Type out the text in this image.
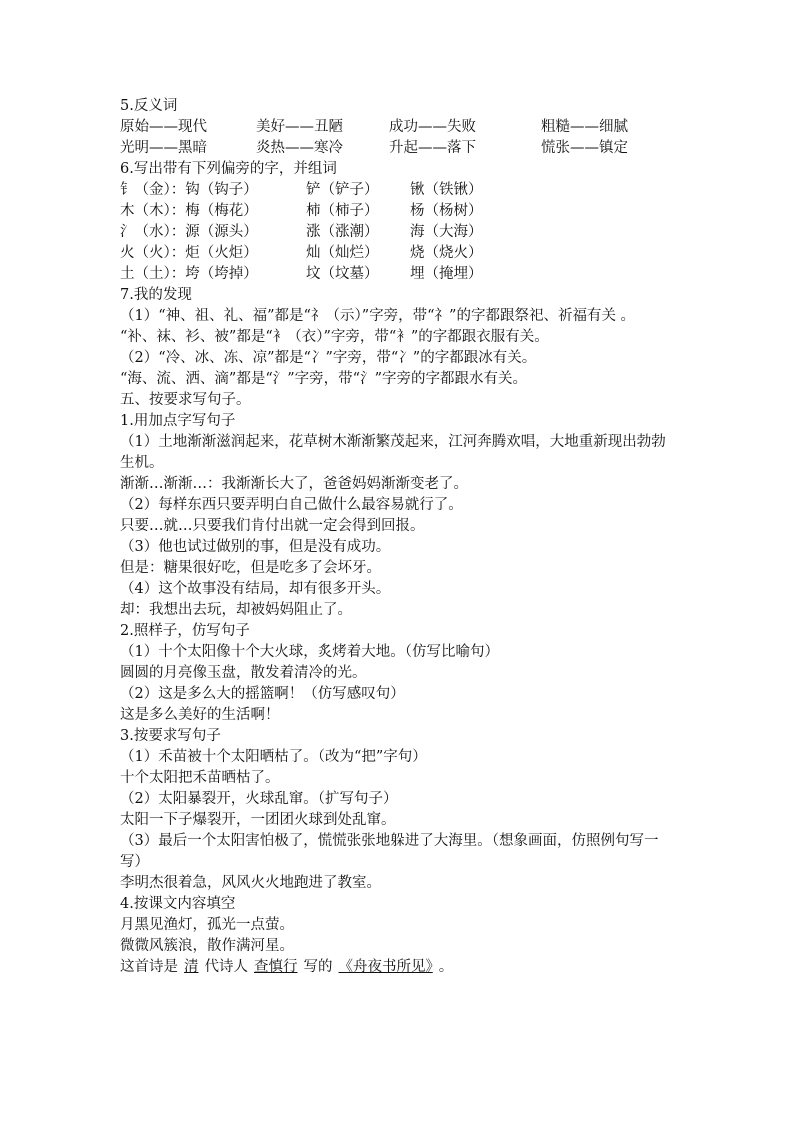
5.反义词
原始——现代	美好——丑陋	成功——失败	粗糙——细腻
光明——黑暗	炎热——寒冷	升起——落下	慌张——镇定
6.写出带有下列偏旁的字，并组词
钅（金）：钩（钩子）	铲（铲子）	锹（铁锹）
木（木）：梅（梅花）	柿（柿子）	杨（杨树）
氵（水）：源（源头）	涨（涨潮）	海（大海）
火（火）：炬（火炬）	灿（灿烂）	烧（烧火）
土（土）：垮（垮掉）	坟（坟墓）	埋（掩埋）
7.我的发现
（1）“神、祖、礼、福”都是“礻（示）”字旁，带“礻”的字都跟祭祀、祈福有关 。
“补、袜、衫、被”都是“衤（衣）”字旁，带“衤”的字都跟衣服有关。
（2）“冷、冰、冻、凉”都是“冫”字旁，带“冫”的字都跟冰有关。
“海、流、洒、滴”都是“氵”字旁，带“氵”字旁的字都跟水有关。
五、按要求写句子。
1.用加点字写句子
（1）土地渐渐滋润起来，花草树木渐渐繁茂起来，江河奔腾欢唱，大地重新现出勃勃生机。
渐渐…渐渐…：我渐渐长大了，爸爸妈妈渐渐变老了。
（2）每样东西只要弄明白自己做什么最容易就行了。
只要…就…只要我们肯付出就一定会得到回报。
（3）他也试过做别的事，但是没有成功。
但是：糖果很好吃，但是吃多了会坏牙。
（4）这个故事没有结局，却有很多开头。
却：我想出去玩，却被妈妈阻止了。
2.照样子，仿写句子
（1）十个太阳像十个大火球，炙烤着大地。（仿写比喻句）
圆圆的月亮像玉盘，散发着清冷的光。
（2）这是多么大的摇篮啊！（仿写感叹句）
这是多么美好的生活啊！
3.按要求写句子
（1）禾苗被十个太阳晒枯了。（改为“把”字句）
十个太阳把禾苗晒枯了。
（2）太阳暴裂开，火球乱窜。（扩写句子）
太阳一下子爆裂开，一团团火球到处乱窜。
（3）最后一个太阳害怕极了，慌慌张张地躲进了大海里。（想象画面，仿照例句写一写）
李明杰很着急，风风火火地跑进了教室。
4.按课文内容填空
月黑见渔灯，孤光一点萤。
微微风簇浪，散作满河星。
这首诗是 清 代诗人 查慎行 写的 《舟夜书所见》 。
